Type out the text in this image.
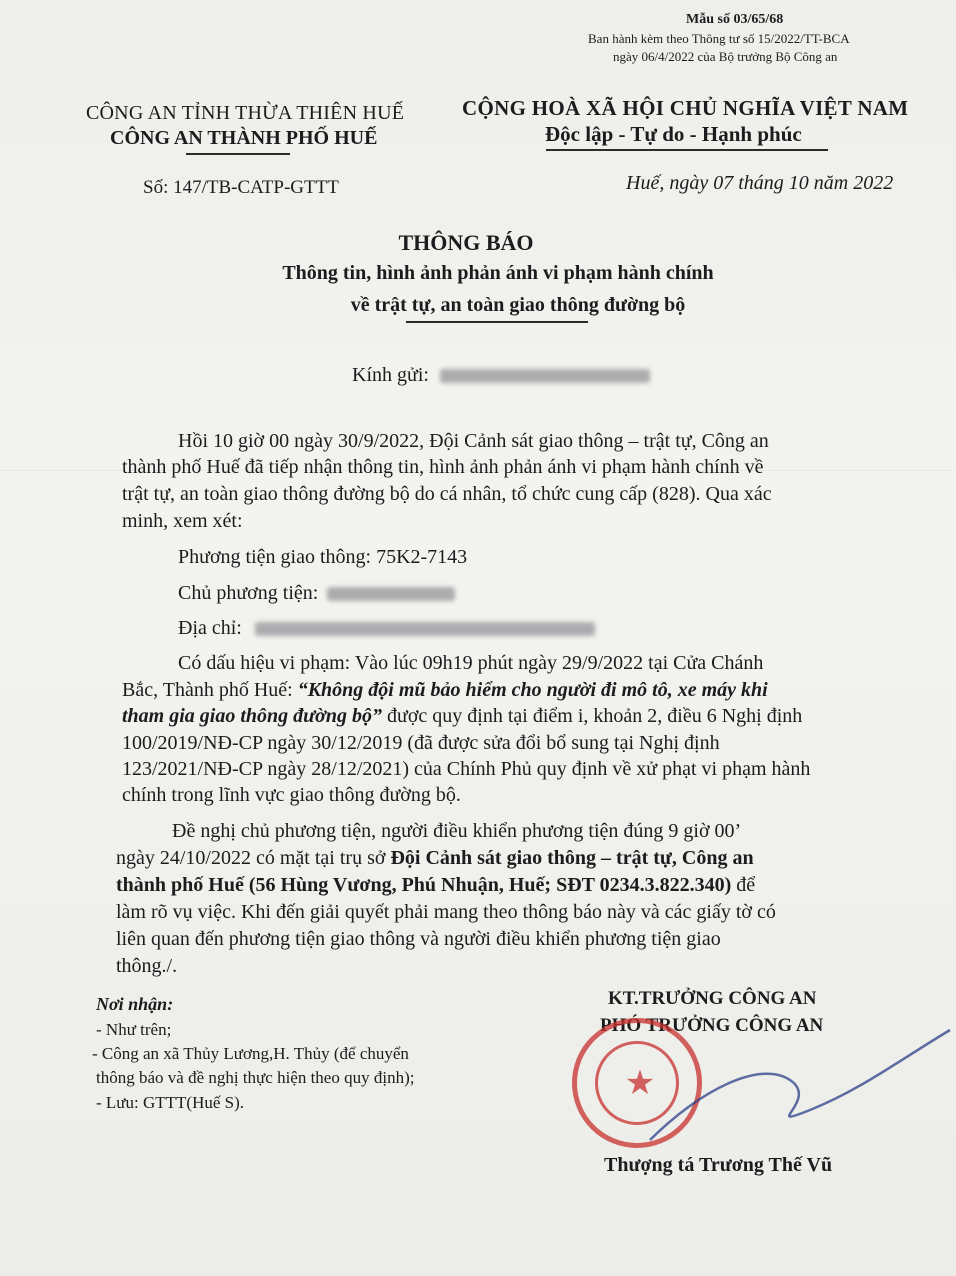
Mẫu số 03/65/68
Ban hành kèm theo Thông tư số 15/2022/TT-BCA
ngày 06/4/2022 của Bộ trưởng Bộ Công an
CÔNG AN TỈNH THỪA THIÊN HUẾ
CÔNG AN THÀNH PHỐ HUẾ
CỘNG HOÀ XÃ HỘI CHỦ NGHĨA VIỆT NAM
Độc lập - Tự do - Hạnh phúc
Số: 147/TB-CATP-GTTT	Huế, ngày 07 tháng 10 năm 2022
THÔNG BÁO
Thông tin, hình ảnh phản ánh vi phạm hành chính
về trật tự, an toàn giao thông đường bộ
Kính gửi:
Hồi 10 giờ 00 ngày 30/9/2022, Đội Cảnh sát giao thông – trật tự, Công an
thành phố Huế đã tiếp nhận thông tin, hình ảnh phản ánh vi phạm hành chính về
trật tự, an toàn giao thông đường bộ do cá nhân, tổ chức cung cấp (828). Qua xác
minh, xem xét:
Phương tiện giao thông: 75K2-7143
Chủ phương tiện:
Địa chỉ:
Có dấu hiệu vi phạm: Vào lúc 09h19 phút ngày 29/9/2022 tại Cửa Chánh
Bắc, Thành phố Huế: “Không đội mũ bảo hiểm cho người đi mô tô, xe máy khi
tham gia giao thông đường bộ” được quy định tại điểm i, khoản 2, điều 6 Nghị định
100/2019/NĐ-CP ngày 30/12/2019 (đã được sửa đổi bổ sung tại Nghị định
123/2021/NĐ-CP ngày 28/12/2021) của Chính Phủ quy định về xử phạt vi phạm hành
chính trong lĩnh vực giao thông đường bộ.
Đề nghị chủ phương tiện, người điều khiển phương tiện đúng 9 giờ 00’
ngày 24/10/2022 có mặt tại trụ sở Đội Cảnh sát giao thông – trật tự, Công an
thành phố Huế (56 Hùng Vương, Phú Nhuận, Huế; SĐT 0234.3.822.340) để
làm rõ vụ việc. Khi đến giải quyết phải mang theo thông báo này và các giấy tờ có
liên quan đến phương tiện giao thông và người điều khiển phương tiện giao
thông./.
Nơi nhận:
- Như trên;
- Công an xã Thủy Lương,H. Thủy (để chuyển
thông báo và đề nghị thực hiện theo quy định);
- Lưu: GTTT(Huế S).
KT.TRƯỞNG CÔNG AN
PHÓ TRƯỞNG CÔNG AN
★
Thượng tá Trương Thế Vũ
